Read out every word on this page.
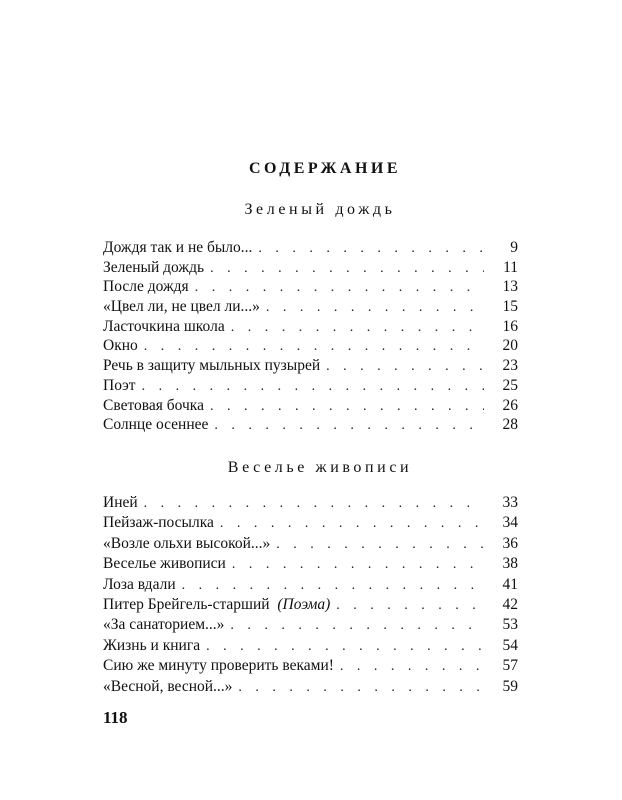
СОДЕРЖАНИЕ
Зеленый дождь
Дождя так и не было... . . .	9
Зеленый дождь . . .	11
После дождя . . .	13
«Цвел ли, не цвел ли...» . . .	15
Ласточкина школа . . .	16
Окно . . .	20
Речь в защиту мыльных пузырей . . .	23
Поэт . . .	25
Световая бочка . . .	26
Солнце осеннее . . .	28
Веселье живописи
Иней . . .	33
Пейзаж-посылка . . .	34
«Возле ольхи высокой...» . . .	36
Веселье живописи . . .	38
Лоза вдали . . .	41
Питер Брейгель-старший (Поэма) . . .	42
«За санаторием...» . . .	53
Жизнь и книга . . .	54
Сию же минуту проверить веками! . . .	57
«Весной, весной...» . . .	59
118
